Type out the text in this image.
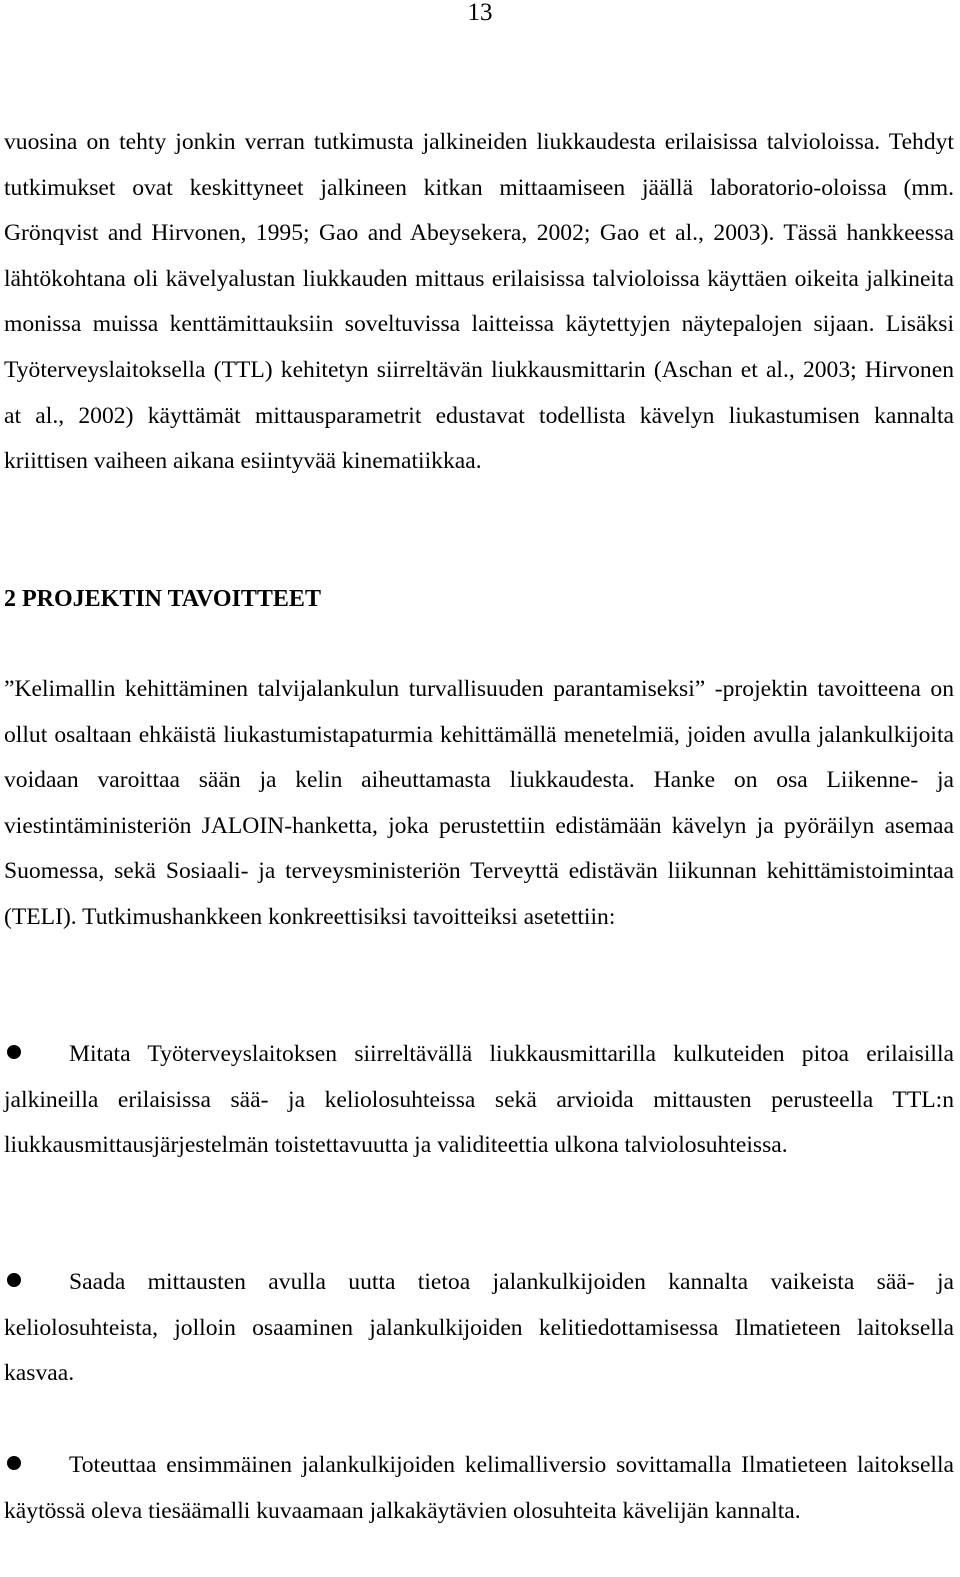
13

vuosina on tehty jonkin verran tutkimusta jalkineiden liukkaudesta erilaisissa talvioloissa. Tehdyt tutkimukset ovat keskittyneet jalkineen kitkan mittaamiseen jäällä laboratorio-oloissa (mm. Grönqvist and Hirvonen, 1995; Gao and Abeysekera, 2002; Gao et al., 2003). Tässä hankkeessa lähtökohtana oli kävelyalustan liukkauden mittaus erilaisissa talvioloissa käyttäen oikeita jalkineita monissa muissa kenttämittauksiin soveltuvissa laitteissa käytettyjen näytepalojen sijaan. Lisäksi Työterveyslaitoksella (TTL) kehitetyn siirreltävän liukkausmittarin (Aschan et al., 2003; Hirvonen at al., 2002) käyttämät mittausparametrit edustavat todellista kävelyn liukastumisen kannalta kriittisen vaiheen aikana esiintyvää kinematiikkaa.

2 PROJEKTIN TAVOITTEET

”Kelimallin kehittäminen talvijalankulun turvallisuuden parantamiseksi” -projektin tavoitteena on ollut osaltaan ehkäistä liukastumistapaturmia kehittämällä menetelmiä, joiden avulla jalankulkijoita voidaan varoittaa sään ja kelin aiheuttamasta liukkaudesta. Hanke on osa Liikenne- ja viestintäministeriön JALOIN-hanketta, joka perustettiin edistämään kävelyn ja pyöräilyn asemaa Suomessa, sekä Sosiaali- ja terveysministeriön Terveyttä edistävän liikunnan kehittämistoimintaa (TELI). Tutkimushankkeen konkreettisiksi tavoitteiksi asetettiin:

Mitata Työterveyslaitoksen siirreltävällä liukkausmittarilla kulkuteiden pitoa erilaisilla jalkineilla erilaisissa sää- ja keliolosuhteissa sekä arvioida mittausten perusteella TTL:n liukkausmittausjärjestelmän toistettavuutta ja validiteettia ulkona talviolosuhteissa.

Saada mittausten avulla uutta tietoa jalankulkijoiden kannalta vaikeista sää- ja keliolosuhteista, jolloin osaaminen jalankulkijoiden kelitiedottamisessa Ilmatieteen laitoksella kasvaa.

Toteuttaa ensimmäinen jalankulkijoiden kelimalliversio sovittamalla Ilmatieteen laitoksella käytössä oleva tiesäämalli kuvaamaan jalkakäytävien olosuhteita kävelijän kannalta.
